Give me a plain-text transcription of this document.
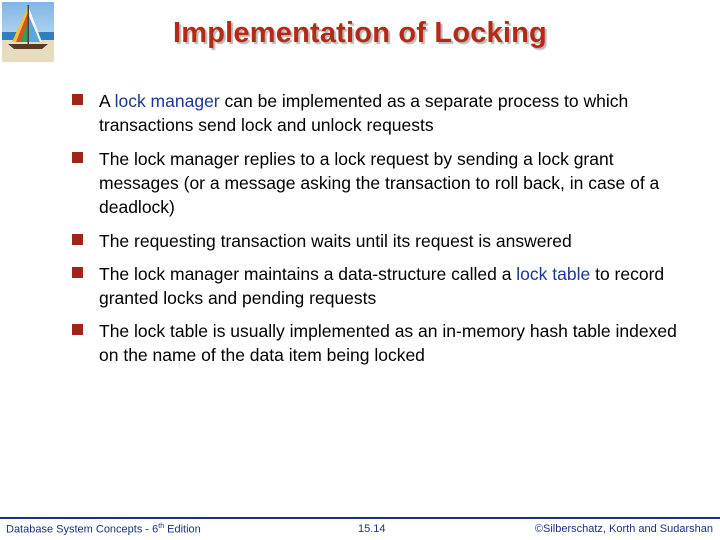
Implementation of Locking
A lock manager can be implemented as a separate process to which transactions send lock and unlock requests
The lock manager replies to a lock request by sending a lock grant messages (or a message asking the transaction to roll back, in case of a deadlock)
The requesting transaction waits until its request is answered
The lock manager maintains a data-structure called a lock table to record granted locks and pending requests
The lock table is usually implemented as an in-memory hash table indexed on the name of the data item being locked
Database System Concepts - 6th Edition	15.14	©Silberschatz, Korth and Sudarshan
